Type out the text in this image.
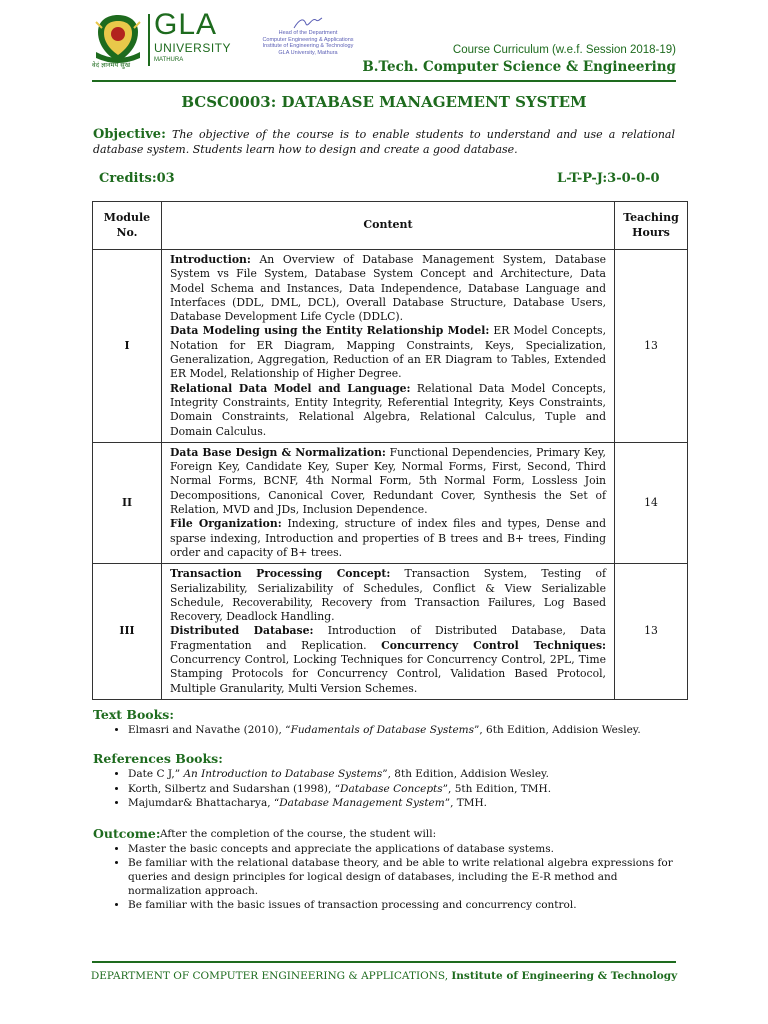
वेदं ज्ञानमयं सुखं
GLA
UNIVERSITY
MATHURA
Head of the Department
Computer Engineering & Applications
Institute of Engineering & Technology
GLA University, Mathura	Course Curriculum (w.e.f. Session 2018-19)
B.Tech. Computer Science & Engineering
BCSC0003: DATABASE MANAGEMENT SYSTEM
Objective: The objective of the course is to enable students to understand and use a relational database system. Students learn how to design and create a good database.
Credits:03	L-T-P-J:3-0-0-0
Module No.	Content	Teaching Hours
I	Introduction: An Overview of Database Management System, Database System vs File System, Database System Concept and Architecture, Data Model Schema and Instances, Data Independence, Database Language and Interfaces (DDL, DML, DCL), Overall Database Structure, Database Users, Database Development Life Cycle (DDLC).

Data Modeling using the Entity Relationship Model: ER Model Concepts, Notation for ER Diagram, Mapping Constraints, Keys, Specialization, Generalization, Aggregation, Reduction of an ER Diagram to Tables, Extended ER Model, Relationship of Higher Degree.

Relational Data Model and Language: Relational Data Model Concepts, Integrity Constraints, Entity Integrity, Referential Integrity, Keys Constraints, Domain Constraints, Relational Algebra, Relational Calculus, Tuple and Domain Calculus.	13
II	Data Base Design & Normalization: Functional Dependencies, Primary Key, Foreign Key, Candidate Key, Super Key, Normal Forms, First, Second, Third Normal Forms, BCNF, 4th Normal Form, 5th Normal Form, Lossless Join Decompositions, Canonical Cover, Redundant Cover, Synthesis the Set of Relation, MVD and JDs, Inclusion Dependence.

File Organization: Indexing, structure of index files and types, Dense and sparse indexing, Introduction and properties of B trees and B+ trees, Finding order and capacity of B+ trees.	14
III	Transaction Processing Concept: Transaction System, Testing of Serializability, Serializability of Schedules, Conflict & View Serializable Schedule, Recoverability, Recovery from Transaction Failures, Log Based Recovery, Deadlock Handling.

Distributed Database: Introduction of Distributed Database, Data Fragmentation and Replication. Concurrency Control Techniques: Concurrency Control, Locking Techniques for Concurrency Control, 2PL, Time Stamping Protocols for Concurrency Control, Validation Based Protocol, Multiple Granularity, Multi Version Schemes.	13
Text Books:
• Elmasri and Navathe (2010), “Fudamentals of Database Systems”, 6th Edition, Addision Wesley.
References Books:
• Date C J,” An Introduction to Database Systems”, 8th Edition, Addision Wesley.
• Korth, Silbertz and Sudarshan (1998), “Database Concepts”, 5th Edition, TMH.
• Majumdar& Bhattacharya, “Database Management System”, TMH.
Outcome: After the completion of the course, the student will:
• Master the basic concepts and appreciate the applications of database systems.
• Be familiar with the relational database theory, and be able to write relational algebra expressions for queries and design principles for logical design of databases, including the E-R method and normalization approach.
• Be familiar with the basic issues of transaction processing and concurrency control.
DEPARTMENT OF COMPUTER ENGINEERING & APPLICATIONS, Institute of Engineering & Technology
